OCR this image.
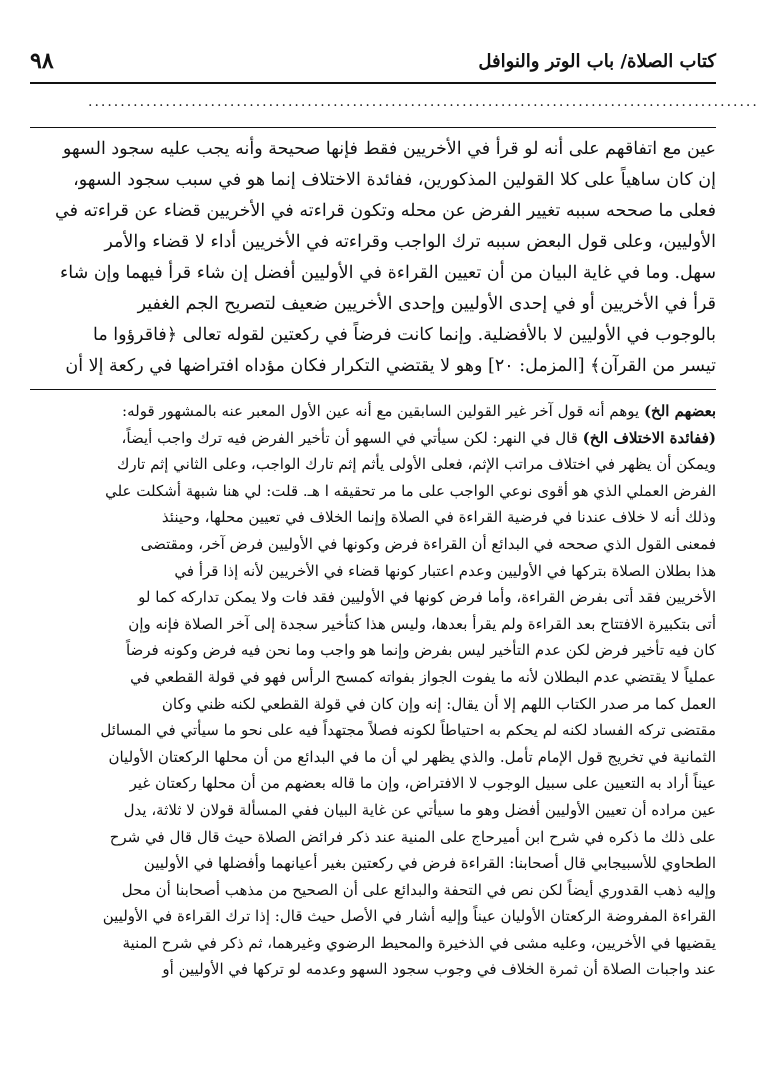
٩٨	كتاب الصلاة/ باب الوتر والنوافل
........................................................................................................
عين مع اتفاقهم على أنه لو قرأ في الأخريين فقط فإنها صحيحة وأنه يجب عليه سجود السهو
إن كان ساهياً على كلا القولين المذكورين، ففائدة الاختلاف إنما هو في سبب سجود السهو،
فعلى ما صححه سببه تغيير الفرض عن محله وتكون قراءته في الأخريين قضاء عن قراءته في
الأوليين، وعلى قول البعض سببه ترك الواجب وقراءته في الأخريين أداء لا قضاء والأمر
سهل. وما في غاية البيان من أن تعيين القراءة في الأوليين أفضل إن شاء قرأ فيهما وإن شاء
قرأ في الأخريين أو في إحدى الأوليين وإحدى الأخريين ضعيف لتصريح الجم الغفير
بالوجوب في الأوليين لا بالأفضلية. وإنما كانت فرضاً في ركعتين لقوله تعالى ﴿فاقرؤوا ما
تيسر من القرآن﴾ [المزمل: ٢٠] وهو لا يقتضي التكرار فكان مؤداه افتراضها في ركعة إلا أن
بعضهم الخ) يوهم أنه قول آخر غير القولين السابقين مع أنه عين الأول المعبر عنه بالمشهور قوله:
(ففائدة الاختلاف الخ) قال في النهر: لكن سيأتي في السهو أن تأخير الفرض فيه ترك واجب أيضاً،
ويمكن أن يظهر في اختلاف مراتب الإثم، فعلى الأولى يأثم إثم تارك الواجب، وعلى الثاني إثم تارك
الفرض العملي الذي هو أقوى نوعي الواجب على ما مر تحقيقه ا هـ. قلت: لي هنا شبهة أشكلت علي
وذلك أنه لا خلاف عندنا في فرضية القراءة في الصلاة وإنما الخلاف في تعيين محلها، وحينئذ
فمعنى القول الذي صححه في البدائع أن القراءة فرض وكونها في الأوليين فرض آخر، ومقتضى
هذا بطلان الصلاة بتركها في الأوليين وعدم اعتبار كونها قضاء في الأخريين لأنه إذا قرأ في
الأخريين فقد أتى بفرض القراءة، وأما فرض كونها في الأوليين فقد فات ولا يمكن تداركه كما لو
أتى بتكبيرة الافتتاح بعد القراءة ولم يقرأ بعدها، وليس هذا كتأخير سجدة إلى آخر الصلاة فإنه وإن
كان فيه تأخير فرض لكن عدم التأخير ليس بفرض وإنما هو واجب وما نحن فيه فرض وكونه فرضاً
عملياً لا يقتضي عدم البطلان لأنه ما يفوت الجواز بفواته كمسح الرأس فهو في قولة القطعي في
العمل كما مر صدر الكتاب اللهم إلا أن يقال: إنه وإن كان في قولة القطعي لكنه ظني وكان
مقتضى تركه الفساد لكنه لم يحكم به احتياطاً لكونه فصلاً مجتهداً فيه على نحو ما سيأتي في المسائل
الثمانية في تخريج قول الإمام تأمل. والذي يظهر لي أن ما في البدائع من أن محلها الركعتان الأوليان
عيناً أراد به التعيين على سبيل الوجوب لا الافتراض، وإن ما قاله بعضهم من أن محلها ركعتان غير
عين مراده أن تعيين الأوليين أفضل وهو ما سيأتي عن غاية البيان ففي المسألة قولان لا ثلاثة، يدل
على ذلك ما ذكره في شرح ابن أميرحاج على المنية عند ذكر فرائض الصلاة حيث قال قال في شرح
الطحاوي للأسبيجابي قال أصحابنا: القراءة فرض في ركعتين بغير أعيانهما وأفضلها في الأوليين
وإليه ذهب القدوري أيضاً لكن نص في التحفة والبدائع على أن الصحيح من مذهب أصحابنا أن محل
القراءة المفروضة الركعتان الأوليان عيناً وإليه أشار في الأصل حيث قال: إذا ترك القراءة في الأوليين
يقضيها في الأخريين، وعليه مشى في الذخيرة والمحيط الرضوي وغيرهما، ثم ذكر في شرح المنية
عند واجبات الصلاة أن ثمرة الخلاف في وجوب سجود السهو وعدمه لو تركها في الأوليين أو
